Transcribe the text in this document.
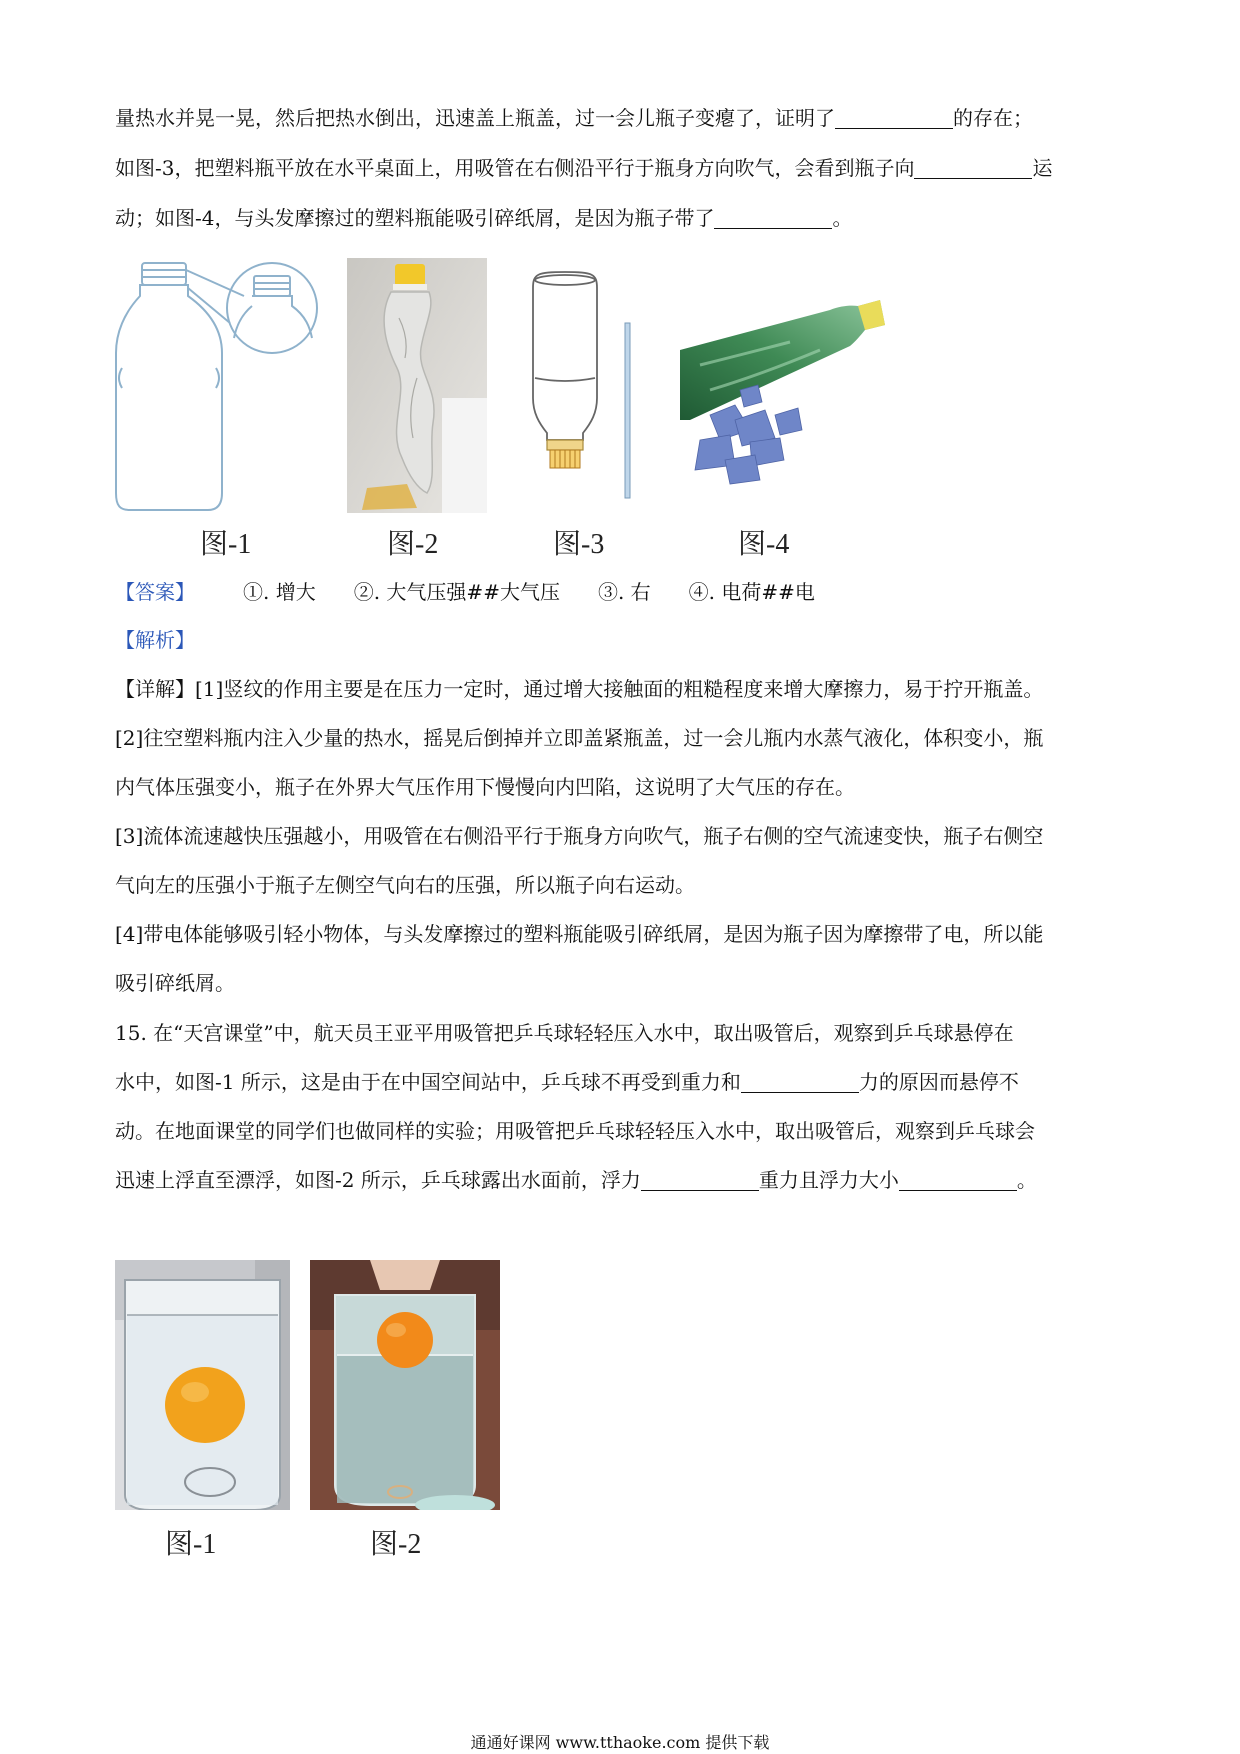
量热水并晃一晃，然后把热水倒出，迅速盖上瓶盖，过一会儿瓶子变瘪了，证明了	的存在；
如图-3，把塑料瓶平放在水平桌面上，用吸管在右侧沿平行于瓶身方向吹气，会看到瓶子向	运
动；如图-4，与头发摩擦过的塑料瓶能吸引碎纸屑，是因为瓶子带了	。
图-1	图-2	图-3	图-4
【答案】 ①. 增大 ②. 大气压强##大气压 ③. 右 ④. 电荷##电
【解析】
【详解】[1]竖纹的作用主要是在压力一定时，通过增大接触面的粗糙程度来增大摩擦力，易于拧开瓶盖。
[2]往空塑料瓶内注入少量的热水，摇晃后倒掉并立即盖紧瓶盖，过一会儿瓶内水蒸气液化，体积变小，瓶
内气体压强变小，瓶子在外界大气压作用下慢慢向内凹陷，这说明了大气压的存在。
[3]流体流速越快压强越小，用吸管在右侧沿平行于瓶身方向吹气，瓶子右侧的空气流速变快，瓶子右侧空
气向左的压强小于瓶子左侧空气向右的压强，所以瓶子向右运动。
[4]带电体能够吸引轻小物体，与头发摩擦过的塑料瓶能吸引碎纸屑，是因为瓶子因为摩擦带了电，所以能
吸引碎纸屑。
15. 在“天宫课堂”中，航天员王亚平用吸管把乒乓球轻轻压入水中，取出吸管后，观察到乒乓球悬停在
水中，如图-1 所示，这是由于在中国空间站中，乒乓球不再受到重力和	力的原因而悬停不
动。在地面课堂的同学们也做同样的实验；用吸管把乒乓球轻轻压入水中，取出吸管后，观察到乒乓球会
迅速上浮直至漂浮，如图-2 所示，乒乓球露出水面前，浮力	重力且浮力大小	。
图-1	图-2
通通好课网 www.tthaoke.com 提供下载
